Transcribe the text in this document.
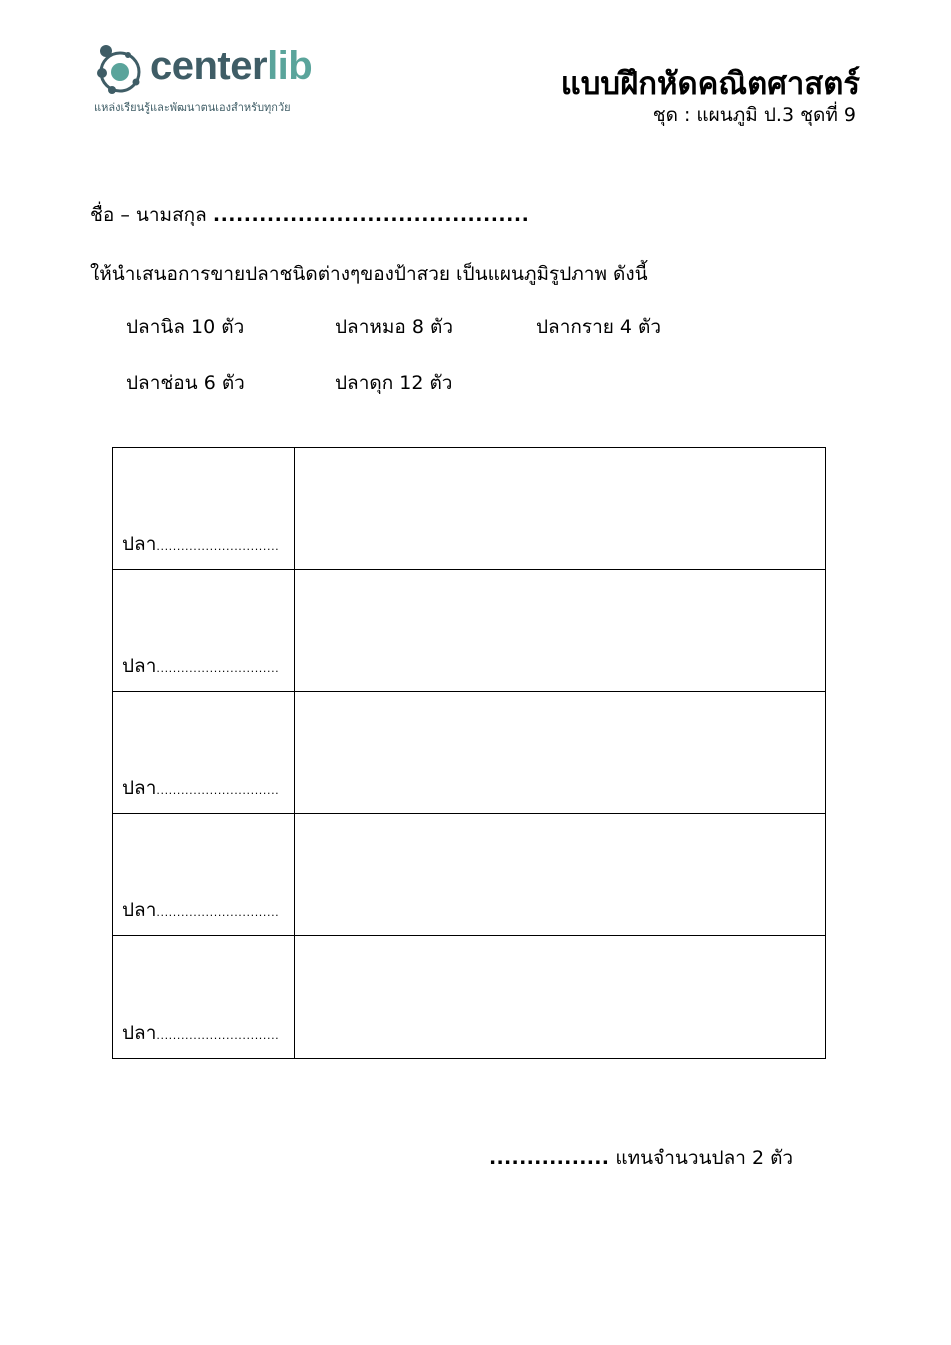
centerlib
แหล่งเรียนรู้และพัฒนาตนเองสำหรับทุกวัย
แบบฝึกหัดคณิตศาสตร์
ชุด : แผนภูมิ ป.3 ชุดที่ 9
ชื่อ – นามสกุล .........................................
ให้นำเสนอการขายปลาชนิดต่างๆของป้าสวย เป็นแผนภูมิรูปภาพ ดังนี้
ปลานิล 10 ตัว	ปลาหมอ 8 ตัว	ปลากราย 4 ตัว
ปลาช่อน 6 ตัว	ปลาดุก 12 ตัว
ปลา..............................
ปลา..............................
ปลา..............................
ปลา..............................
ปลา..............................
................ แทนจำนวนปลา 2 ตัว
